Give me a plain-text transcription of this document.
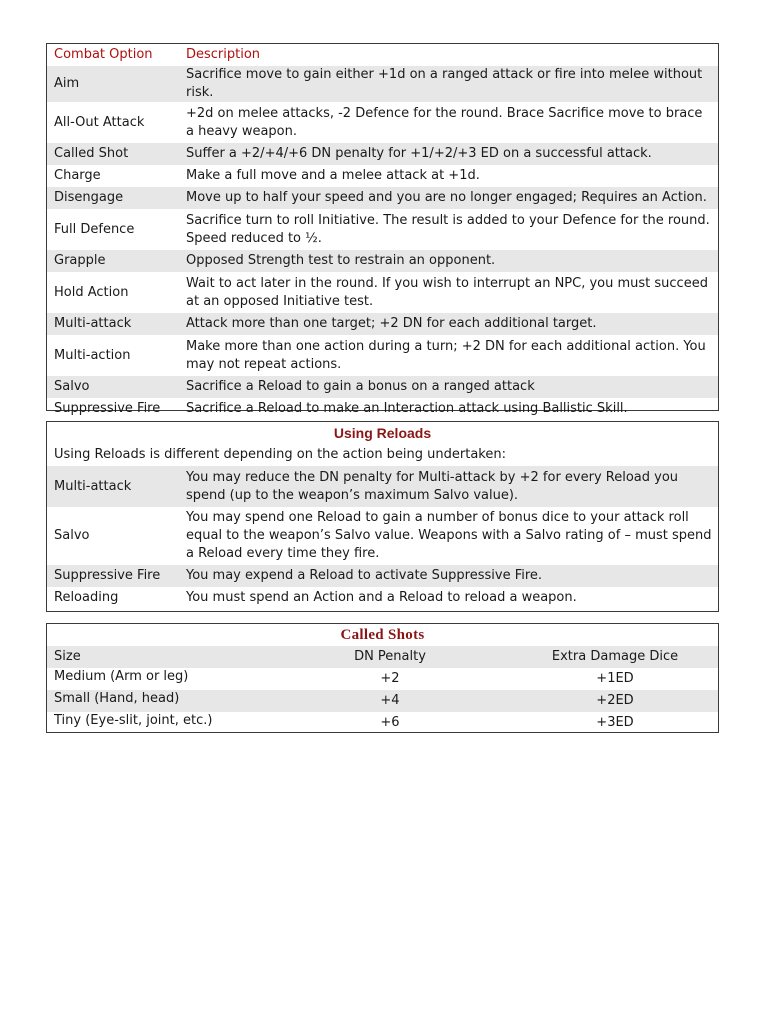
Combat Option	Description
Aim	Sacrifice move to gain either +1d on a ranged attack or fire into melee without risk.
All-Out Attack	+2d on melee attacks, -2 Defence for the round. Brace Sacrifice move to brace a heavy weapon.
Called Shot	Suffer a +2/+4/+6 DN penalty for +1/+2/+3 ED on a successful attack.
Charge	Make a full move and a melee attack at +1d.
Disengage	Move up to half your speed and you are no longer engaged; Requires an Action.
Full Defence	Sacrifice turn to roll Initiative. The result is added to your Defence for the round. Speed reduced to ½.
Grapple	Opposed Strength test to restrain an opponent.
Hold Action	Wait to act later in the round. If you wish to interrupt an NPC, you must succeed at an opposed Initiative test.
Multi-attack	Attack more than one target; +2 DN for each additional target.
Multi-action	Make more than one action during a turn; +2 DN for each additional action. You may not repeat actions.
Salvo	Sacrifice a Reload to gain a bonus on a ranged attack
Suppressive Fire	Sacrifice a Reload to make an Interaction attack using Ballistic Skill.
Using Reloads
Using Reloads is different depending on the action being undertaken:
Multi-attack	You may reduce the DN penalty for Multi-attack by +2 for every Reload you spend (up to the weapon’s maximum Salvo value).
Salvo	You may spend one Reload to gain a number of bonus dice to your attack roll equal to the weapon’s Salvo value. Weapons with a Salvo rating of – must spend a Reload every time they fire.
Suppressive Fire	You may expend a Reload to activate Suppressive Fire.
Reloading	You must spend an Action and a Reload to reload a weapon.
Called Shots
Size	DN Penalty	Extra Damage Dice
Medium (Arm or leg)	+2	+1ED
Small (Hand, head)	+4	+2ED
Tiny (Eye-slit, joint, etc.)	+6	+3ED
